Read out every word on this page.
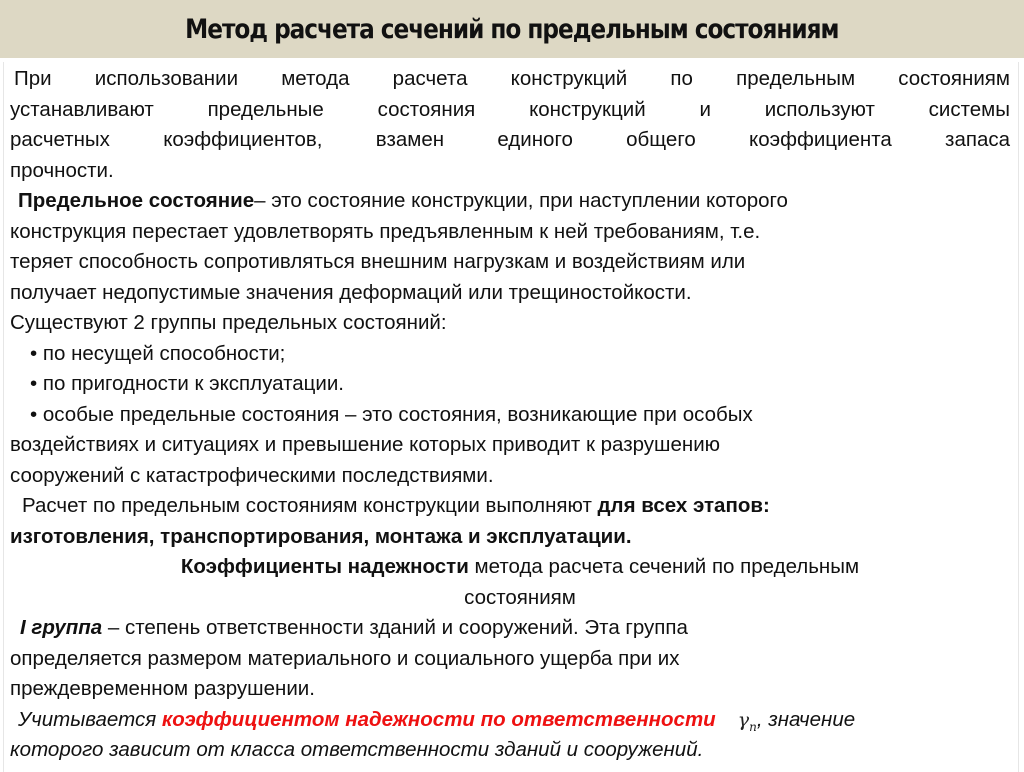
Метод расчета сечений по предельным состояниям
При использовании метода расчета конструкций по предельным состояниям
устанавливают предельные состояния конструкций и используют системы
расчетных коэффициентов, взамен единого общего коэффициента запаса
прочности.
Предельное состояние– это состояние конструкции, при наступлении которого
конструкция перестает удовлетворять предъявленным к ней требованиям, т.е.
теряет способность сопротивляться внешним нагрузкам и воздействиям или
получает недопустимые значения деформаций или трещиностойкости.
Существуют 2 группы предельных состояний:
• по несущей способности;
• по пригодности к эксплуатации.
• особые предельные состояния – это состояния, возникающие при особых
воздействиях и ситуациях и превышение которых приводит к разрушению
сооружений с катастрофическими последствиями.
Расчет по предельным состояниям конструкции выполняют для всех этапов:
изготовления, транспортирования, монтажа и эксплуатации.
Коэффициенты надежности метода расчета сечений по предельным
состояниям
I группа – степень ответственности зданий и сооружений. Эта группа
определяется размером материального и социального ущерба при их
преждевременном разрушении.
Учитывается коэффициентом надежности по ответственности $\gamma_n$, значение
которого зависит от класса ответственности зданий и сооружений.
